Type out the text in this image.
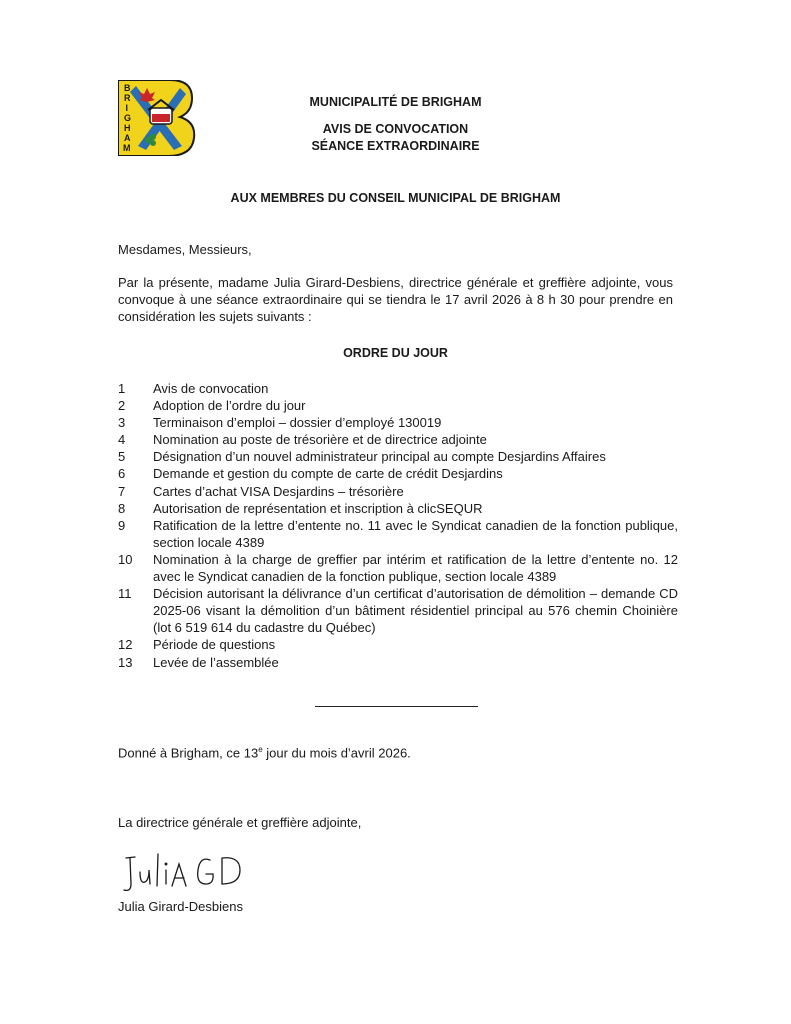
B
R
I
G
H
A
M
MUNICIPALITÉ DE BRIGHAM
AVIS DE CONVOCATION
SÉANCE EXTRAORDINAIRE
AUX MEMBRES DU CONSEIL MUNICIPAL DE BRIGHAM
Mesdames, Messieurs,
Par la présente, madame Julia Girard-Desbiens, directrice générale et greffière adjointe, vous convoque à une séance extraordinaire qui se tiendra le 17 avril 2026 à 8 h 30 pour prendre en considération les sujets suivants :
ORDRE DU JOUR
1	Avis de convocation
2	Adoption de l’ordre du jour
3	Terminaison d’emploi – dossier d’employé 130019
4	Nomination au poste de trésorière et de directrice adjointe
5	Désignation d’un nouvel administrateur principal au compte Desjardins Affaires
6	Demande et gestion du compte de carte de crédit Desjardins
7	Cartes d’achat VISA Desjardins – trésorière
8	Autorisation de représentation et inscription à clicSEQUR
9	Ratification de la lettre d’entente no. 11 avec le Syndicat canadien de la fonction publique, section locale 4389
10	Nomination à la charge de greffier par intérim et ratification de la lettre d’entente no. 12 avec le Syndicat canadien de la fonction publique, section locale 4389
11	Décision autorisant la délivrance d’un certificat d’autorisation de démolition – demande CD 2025-06 visant la démolition d’un bâtiment résidentiel principal au 576 chemin Choinière (lot 6 519 614 du cadastre du Québec)
12	Période de questions
13	Levée de l’assemblée
Donné à Brigham, ce 13e jour du mois d’avril 2026.
La directrice générale et greffière adjointe,
Julia Girard-Desbiens
